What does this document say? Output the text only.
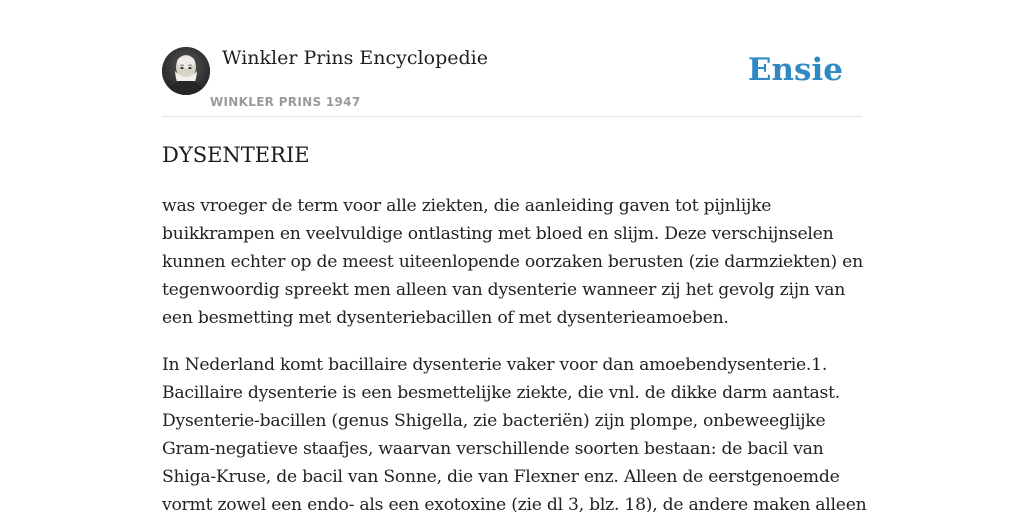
Winkler Prins Encyclopedie
WINKLER PRINS 1947
Ensie
DYSENTERIE

was vroeger de term voor alle ziekten, die aanleiding gaven tot pijnlijke
buikkrampen en veelvuldige ontlasting met bloed en slijm. Deze verschijnselen
kunnen echter op de meest uiteenlopende oorzaken berusten (zie darmziekten) en
tegenwoordig spreekt men alleen van dysenterie wanneer zij het gevolg zijn van
een besmetting met dysenteriebacillen of met dysenterieamoeben.

In Nederland komt bacillaire dysenterie vaker voor dan amoebendysenterie.1.
Bacillaire dysenterie is een besmettelijke ziekte, die vnl. de dikke darm aantast.
Dysenterie-bacillen (genus Shigella, zie bacteriën) zijn plompe, onbeweeglijke
Gram-negatieve staafjes, waarvan verschillende soorten bestaan: de bacil van
Shiga-Kruse, de bacil van Sonne, die van Flexner enz. Alleen de eerstgenoemde
vormt zowel een endo- als een exotoxine (zie dl 3, blz. 18), de andere maken alleen
